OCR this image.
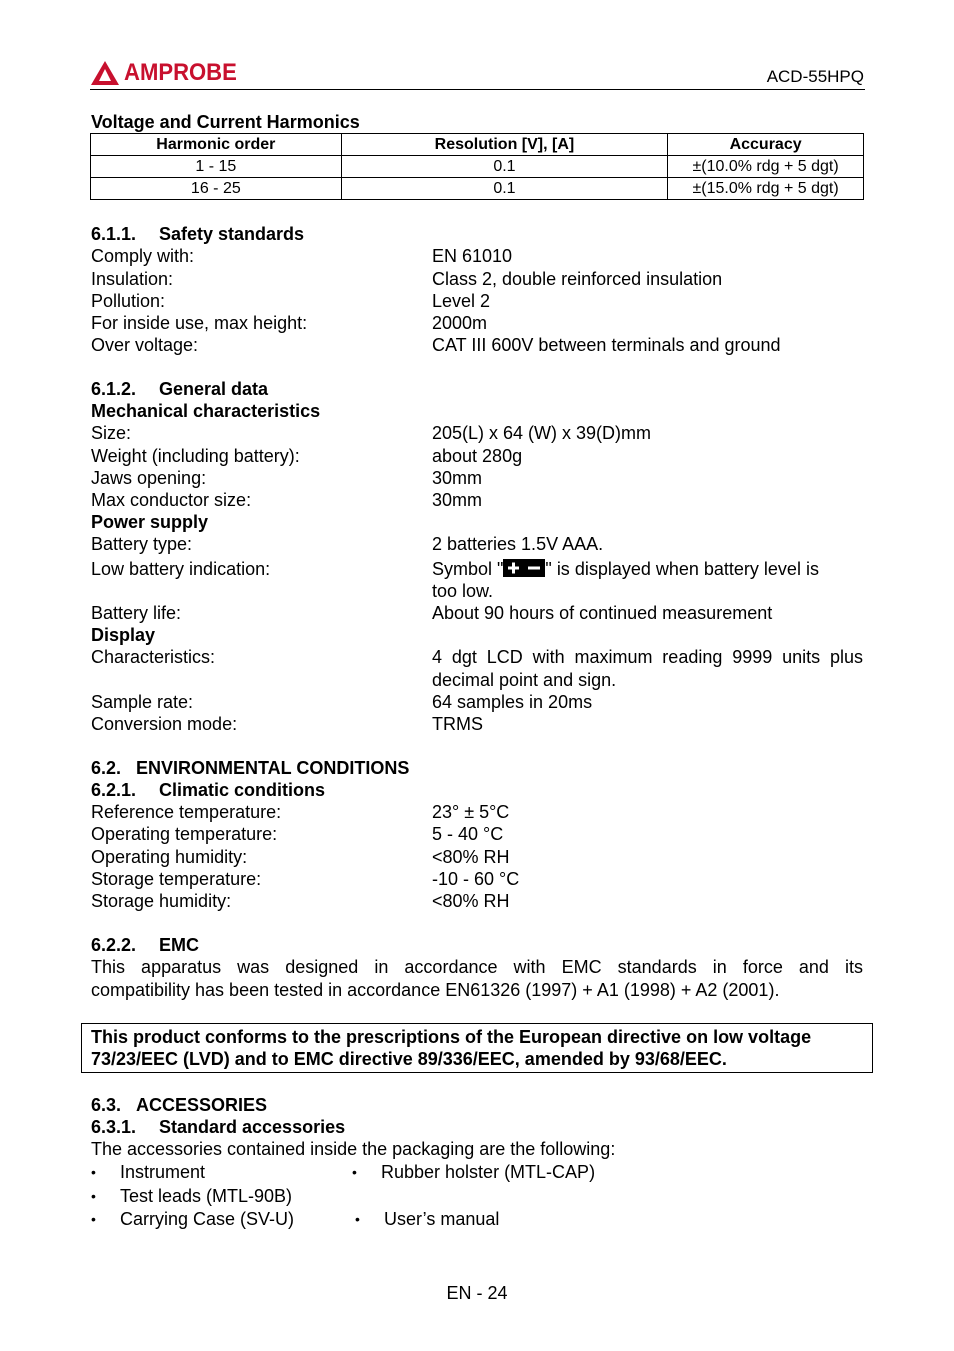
AMPROBE	ACD-55HPQ
Voltage and Current Harmonics
Harmonic order	Resolution [V], [A]	Accuracy
1 - 15	0.1	±(10.0% rdg + 5 dgt)
16 - 25	0.1	±(15.0% rdg + 5 dgt)
6.1.1. Safety standards
Comply with:	EN 61010
Insulation:	Class 2, double reinforced insulation
Pollution:	Level 2
For inside use, max height:	2000m
Over voltage:	CAT III 600V between terminals and ground
6.1.2. General data
Mechanical characteristics
Size:	205(L) x 64 (W) x 39(D)mm
Weight (including battery):	about 280g
Jaws opening:	30mm
Max conductor size:	30mm
Power supply
Battery type:	2 batteries 1.5V AAA.
Low battery indication:	Symbol " " is displayed when battery level is
too low.
Battery life:	About 90 hours of continued measurement
Display
Characteristics:	4 dgt LCD with maximum reading 9999 units plus
decimal point and sign.
Sample rate:	64 samples in 20ms
Conversion mode:	TRMS
6.2. ENVIRONMENTAL CONDITIONS
6.2.1. Climatic conditions
Reference temperature:	23° ± 5°C
Operating temperature:	5 - 40 °C
Operating humidity:	<80% RH
Storage temperature:	-10 - 60 °C
Storage humidity:	<80% RH
6.2.2. EMC
This apparatus was designed in accordance with EMC standards in force and its
compatibility has been tested in accordance EN61326 (1997) + A1 (1998) + A2 (2001).
This product conforms to the prescriptions of the European directive on low voltage
73/23/EEC (LVD) and to EMC directive 89/336/EEC, amended by 93/68/EEC.
6.3. ACCESSORIES
6.3.1. Standard accessories
The accessories contained inside the packaging are the following:
• Instrument	• Rubber holster (MTL-CAP)
• Test leads (MTL-90B)
• Carrying Case (SV-U)	• User’s manual
EN - 24
